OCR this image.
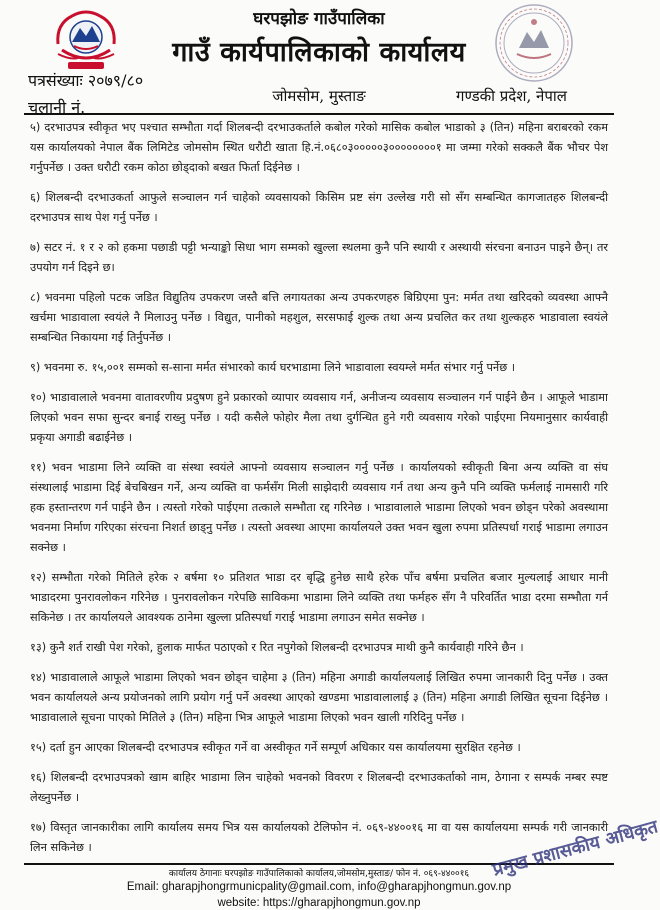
घरपझोङ गाउँपालिका
गाउँ कार्यपालिकाको कार्यालय
पत्रसंख्याः २०७९/८०
चलानी नं.
जोमसोम, मुस्ताङ	गण्डकी प्रदेश, नेपाल

५) दरभाउपत्र स्वीकृत भए पश्चात सम्भौता गर्दा शिलबन्दी दरभाउकर्ताले कबोल गरेको मासिक कबोल भाडाको ३ (तिन) महिना बराबरको रकम यस कार्यालयको नेपाल बैंक लिमिटेड जोमसोम स्थित धरौटी खाता हि.नं.०६८०३०००००३००००००००१ मा जम्मा गरेको सक्कलै बैंक भौचर पेश गर्नुपर्नेछ । उक्त धरौटी रकम कोठा छोड्दाको बखत फिर्ता दिईनेछ ।

६) शिलबन्दी दरभाउकर्ता आफुले सञ्चालन गर्न चाहेको व्यवसायको किसिम प्रष्ट संग उल्लेख गरी सो सँग सम्बन्धित कागजातहरु शिलबन्दी दरभाउपत्र साथ पेश गर्नु पर्नेछ ।

७) सटर नं. १ र २ को हकमा पछाडी पट्टी भन्याङ्को सिधा भाग सम्मको खुल्ला स्थलमा कुनै पनि स्थायी र अस्थायी संरचना बनाउन पाइने छैन्। तर उपयोग गर्न दिइने छ।

८) भवनमा पहिलो पटक जडित विद्युतिय उपकरण जस्तै बत्ति लगायतका अन्य उपकरणहरु बिग्रिएमा पुन: मर्मत तथा खरिदको व्यवस्था आफ्नै खर्चमा भाडावाला स्वयंले नै मिलाउनु पर्नेछ । विद्युत, पानीको महशुल, सरसफाई शुल्क तथा अन्य प्रचलित कर तथा शुल्कहरु भाडावाला स्वयंले सम्बन्धित निकायमा गई तिर्नुपर्नेछ ।

९) भवनमा रु. १५,००१ सम्मको स-साना मर्मत संभारको कार्य घरभाडामा लिने भाडावाला स्वयम्ले मर्मत संभार गर्नु पर्नेछ ।

१०) भाडावालाले भवनमा वातावरणीय प्रदुषण हुने प्रकारको व्यापार व्यवसाय गर्न, अनीजन्य व्यवसाय सञ्चालन गर्न पाईने छैन । आफूले भाडामा लिएको भवन सफा सुन्दर बनाई राख्नु पर्नेछ । यदी कसैले फोहोर मैला तथा दुर्गन्धित हुने गरी व्यवसाय गरेको पाईएमा नियमानुसार कार्यवाही प्रकृया अगाडी बढाईनेछ ।

११) भवन भाडामा लिने व्यक्ति वा संस्था स्वयंले आफ्नो व्यवसाय सञ्चालन गर्नु पर्नेछ । कार्यालयको स्वीकृती बिना अन्य व्यक्ति वा संघ संस्थालाई भाडामा दिई बेचबिखन गर्ने, अन्य व्यक्ति वा फर्मसँग मिली साझेदारी व्यवसाय गर्न तथा अन्य कुनै पनि व्यक्ति फर्मलाई नामसारी गरि हक हस्तान्तरण गर्न पाईने छैन । त्यस्तो गरेको पाईएमा तत्काले सम्भौता रद्द गरिनेछ । भाडावालाले भाडामा लिएको भवन छोड्न परेको अवस्थामा भवनमा निर्माण गरिएका संरचना निशर्त छाड्नु पर्नेछ । त्यस्तो अवस्था आएमा कार्यालयले उक्त भवन खुला रुपमा प्रतिस्पर्धा गराई भाडामा लगाउन सक्नेछ ।

१२) सम्भौता गरेको मितिले हरेक २ बर्षमा १० प्रतिशत भाडा दर बृद्धि हुनेछ साथै हरेक पाँच बर्षमा प्रचलित बजार मुल्यलाई आधार मानी भाडादरमा पुनरावलोकन गरिनेछ । पुनरावलोकन गरेपछि साविकमा भाडामा लिने व्यक्ति तथा फर्महरु सँग नै परिवर्तित भाडा दरमा सम्भौता गर्न सकिनेछ । तर कार्यालयले आवश्यक ठानेमा खुल्ला प्रतिस्पर्धा गराई भाडामा लगाउन समेत सक्नेछ ।

१३) कुनै शर्त राखी पेश गरेको, हुलाक मार्फत पठाएको र रित नपुगेको शिलबन्दी दरभाउपत्र माथी कुनै कार्यवाही गरिने छैन ।

१४) भाडावालाले आफूले भाडामा लिएको भवन छोड्न चाहेमा ३ (तिन) महिना अगाडी कार्यालयलाई लिखित रुपमा जानकारी दिनु पर्नेछ । उक्त भवन कार्यालयले अन्य प्रयोजनको लागि प्रयोग गर्नु पर्ने अवस्था आएको खण्डमा भाडावालालाई ३ (तिन) महिना अगाडी लिखित सूचना दिईनेछ । भाडावालाले सूचना पाएको मितिले ३ (तिन) महिना भित्र आफूले भाडामा लिएको भवन खाली गरिदिनु पर्नेछ ।

१५) दर्ता हुन आएका शिलबन्दी दरभाउपत्र स्वीकृत गर्ने वा अस्वीकृत गर्ने सम्पूर्ण अधिकार यस कार्यालयमा सुरक्षित रहनेछ ।

१६) शिलबन्दी दरभाउपत्रको खाम बाहिर भाडामा लिन चाहेको भवनको विवरण र शिलबन्दी दरभाउकर्ताको नाम, ठेगाना र सम्पर्क नम्बर स्पष्ट लेख्नुपर्नेछ ।

१७) विस्तृत जानकारीका लागि कार्यालय समय भित्र यस कार्यालयको टेलिफोन नं. ०६९-४४००१६ मा वा यस कार्यालयमा सम्पर्क गरी जानकारी लिन सकिनेछ ।

कार्यालय ठेगानाः घरपझोङ गाउँपालिकाको कार्यालय,जोमसोम,मुस्ताङ/ फोन नं. ०६९-४४००१६
Email: gharapjhongrmunicpality@gmail.com, info@gharapjhongmun.gov.np
website: https://gharapjhongmun.gov.np
प्रमुख प्रशासकीय अधिकृत
